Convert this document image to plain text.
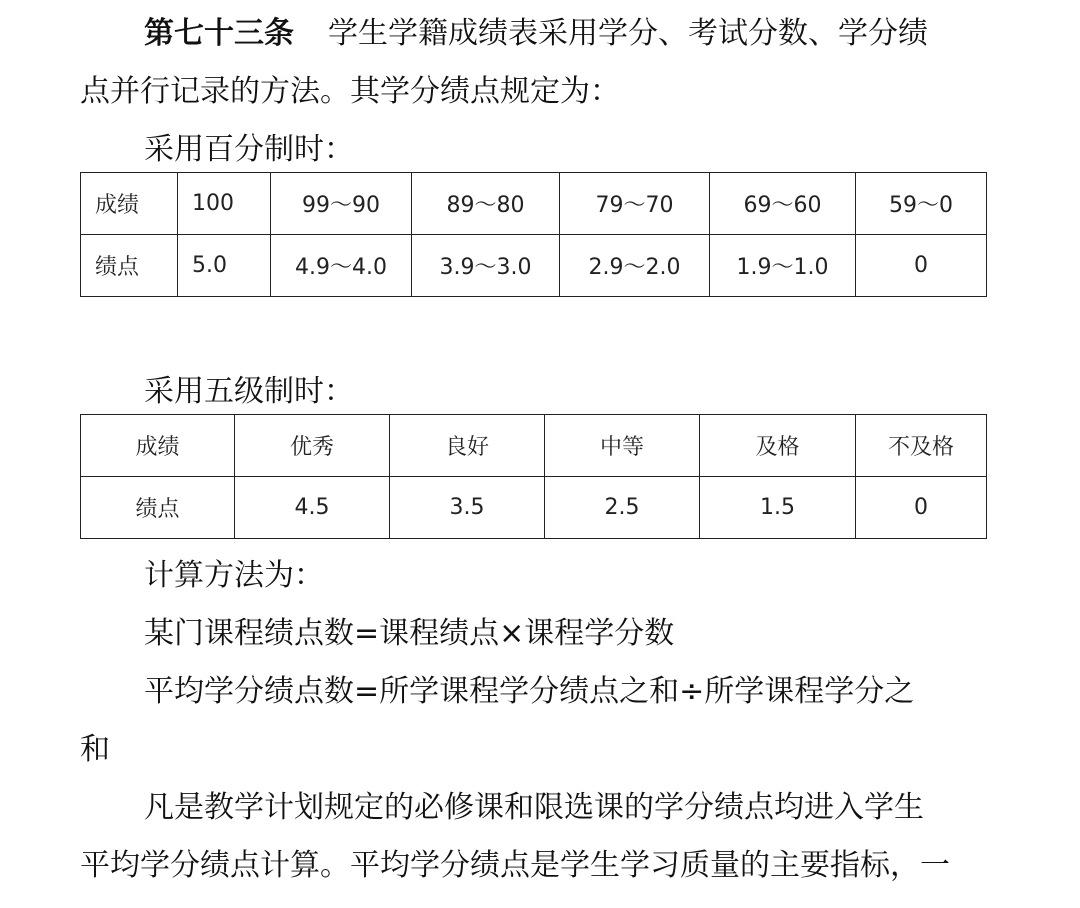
第七十三条 学生学籍成绩表采用学分、考试分数、学分绩
点并行记录的方法。其学分绩点规定为：
采用百分制时：
成绩	100	99～90	89～80	79～70	69～60	59～0
绩点	5.0	4.9～4.0	3.9～3.0	2.9～2.0	1.9～1.0	0
采用五级制时：
成绩	优秀	良好	中等	及格	不及格
绩点	4.5	3.5	2.5	1.5	0
计算方法为：
某门课程绩点数=课程绩点×课程学分数
平均学分绩点数=所学课程学分绩点之和÷所学课程学分之
和
凡是教学计划规定的必修课和限选课的学分绩点均进入学生
平均学分绩点计算。平均学分绩点是学生学习质量的主要指标，一
